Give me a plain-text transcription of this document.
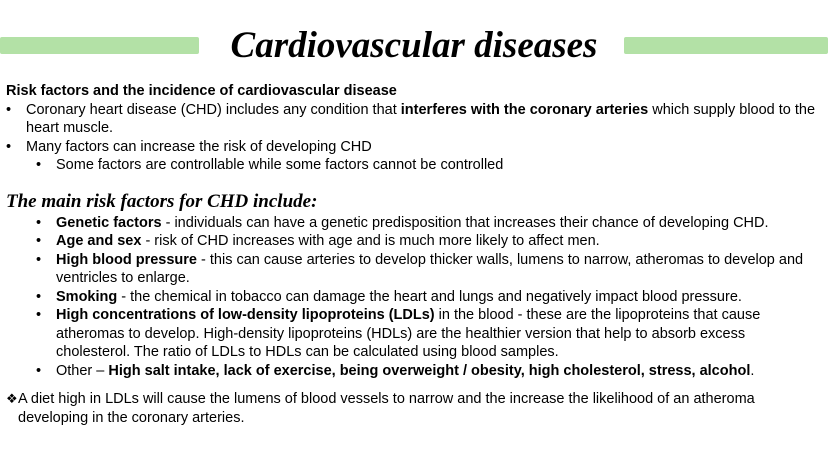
Cardiovascular diseases

Risk factors and the incidence of cardiovascular disease

• Coronary heart disease (CHD) includes any condition that interferes with the coronary arteries which supply blood to the heart muscle.
• Many factors can increase the risk of developing CHD
• Some factors are controllable while some factors cannot be controlled

The main risk factors for CHD include:

• Genetic factors - individuals can have a genetic predisposition that increases their chance of developing CHD.
• Age and sex - risk of CHD increases with age and is much more likely to affect men.
• High blood pressure - this can cause arteries to develop thicker walls, lumens to narrow, atheromas to develop and ventricles to enlarge.
• Smoking - the chemical in tobacco can damage the heart and lungs and negatively impact blood pressure.
• High concentrations of low-density lipoproteins (LDLs) in the blood - these are the lipoproteins that cause atheromas to develop. High-density lipoproteins (HDLs) are the healthier version that help to absorb excess cholesterol. The ratio of LDLs to HDLs can be calculated using blood samples.
• Other – High salt intake, lack of exercise, being overweight / obesity, high cholesterol, stress, alcohol.
❖ A diet high in LDLs will cause the lumens of blood vessels to narrow and the increase the likelihood of an atheroma developing in the coronary arteries.
